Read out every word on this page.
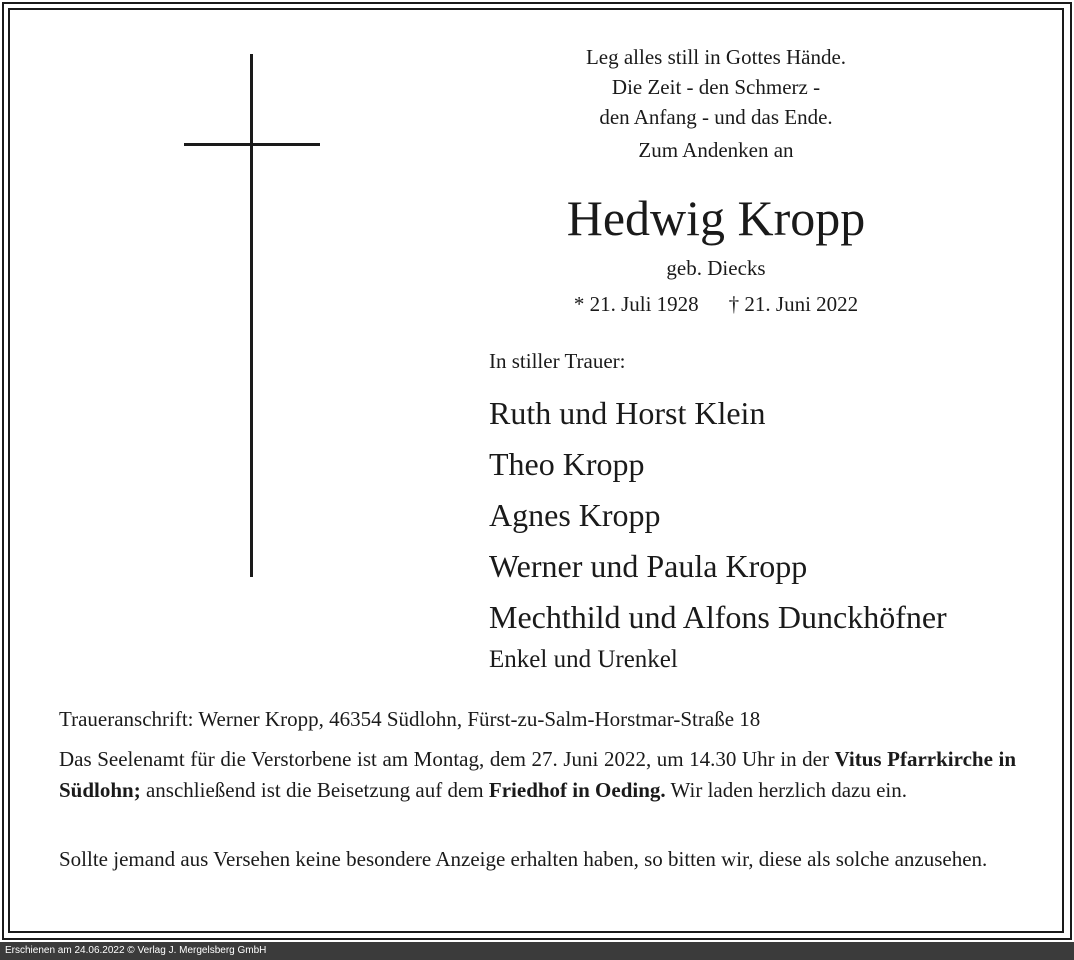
Leg alles still in Gottes Hände.
Die Zeit - den Schmerz -
den Anfang - und das Ende.
Zum Andenken an
Hedwig Kropp
geb. Diecks
* 21. Juli 1928 † 21. Juni 2022
In stiller Trauer:
Ruth und Horst Klein
Theo Kropp
Agnes Kropp
Werner und Paula Kropp
Mechthild und Alfons Dunckhöfner
Enkel und Urenkel
Traueranschrift: Werner Kropp, 46354 Südlohn, Fürst-zu-Salm-Horstmar-Straße 18
Das Seelenamt für die Verstorbene ist am Montag, dem 27. Juni 2022, um 14.30 Uhr in der Vitus Pfarrkirche in Südlohn; anschließend ist die Beisetzung auf dem Friedhof in Oeding. Wir laden herzlich dazu ein.
Sollte jemand aus Versehen keine besondere Anzeige erhalten haben, so bitten wir, diese als solche anzusehen.
Erschienen am 24.06.2022 © Verlag J. Mergelsberg GmbH
